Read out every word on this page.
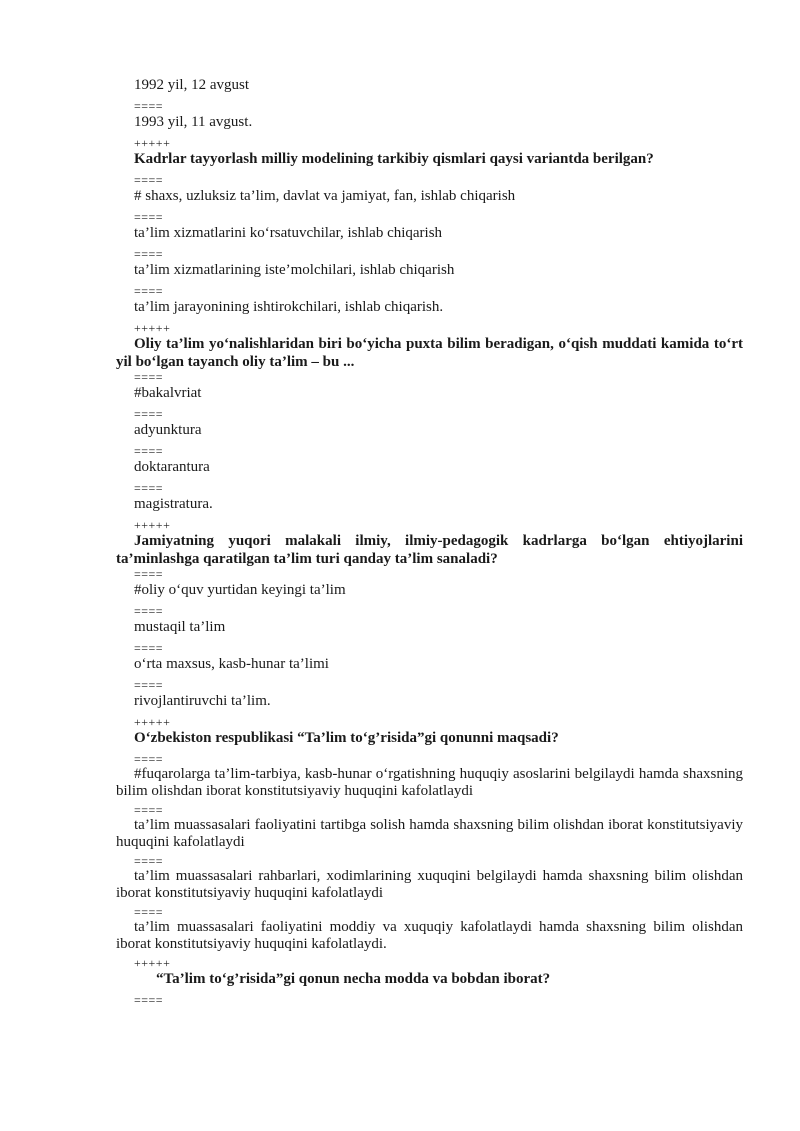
1992 yil, 12 avgust
====
1993 yil, 11 avgust.
+++++
Kadrlar tayyorlash milliy modelining tarkibiy qismlari qaysi variantda berilgan?
====
# shaxs, uzluksiz ta’lim, davlat va jamiyat, fan, ishlab chiqarish
====
ta’lim xizmatlarini ko‘rsatuvchilar, ishlab chiqarish
====
ta’lim xizmatlarining iste’molchilari, ishlab chiqarish
====
ta’lim jarayonining ishtirokchilari, ishlab chiqarish.
+++++
Oliy ta’lim yo‘nalishlaridan biri bo‘yicha puxta bilim beradigan, o‘qish muddati kamida to‘rt yil bo‘lgan tayanch oliy ta’lim – bu ...
====
#bakalvriat
====
adyunktura
====
doktarantura
====
magistratura.
+++++
Jamiyatning yuqori malakali ilmiy, ilmiy-pedagogik kadrlarga bo‘lgan ehtiyojlarini ta’minlashga qaratilgan ta’lim turi qanday ta’lim sanaladi?
====
#oliy o‘quv yurtidan keyingi ta’lim
====
mustaqil ta’lim
====
o‘rta maxsus, kasb-hunar ta’limi
====
rivojlantiruvchi ta’lim.
+++++
O‘zbekiston respublikasi “Ta’lim to‘g’risida”gi qonunni maqsadi?
====
#fuqarolarga ta’lim-tarbiya, kasb-hunar o‘rgatishning huquqiy asoslarini belgilaydi hamda shaxsning bilim olishdan iborat konstitutsiyaviy huquqini kafolatlaydi
====
ta’lim muassasalari faoliyatini tartibga solish hamda shaxsning bilim olishdan iborat konstitutsiyaviy huquqini kafolatlaydi
====
ta’lim muassasalari rahbarlari, xodimlarining xuquqini belgilaydi hamda shaxsning bilim olishdan iborat konstitutsiyaviy huquqini kafolatlaydi
====
ta’lim muassasalari faoliyatini moddiy va xuquqiy kafolatlaydi hamda shaxsning bilim olishdan iborat konstitutsiyaviy huquqini kafolatlaydi.
+++++
“Ta’lim to‘g’risida”gi qonun necha modda va bobdan iborat?
====
